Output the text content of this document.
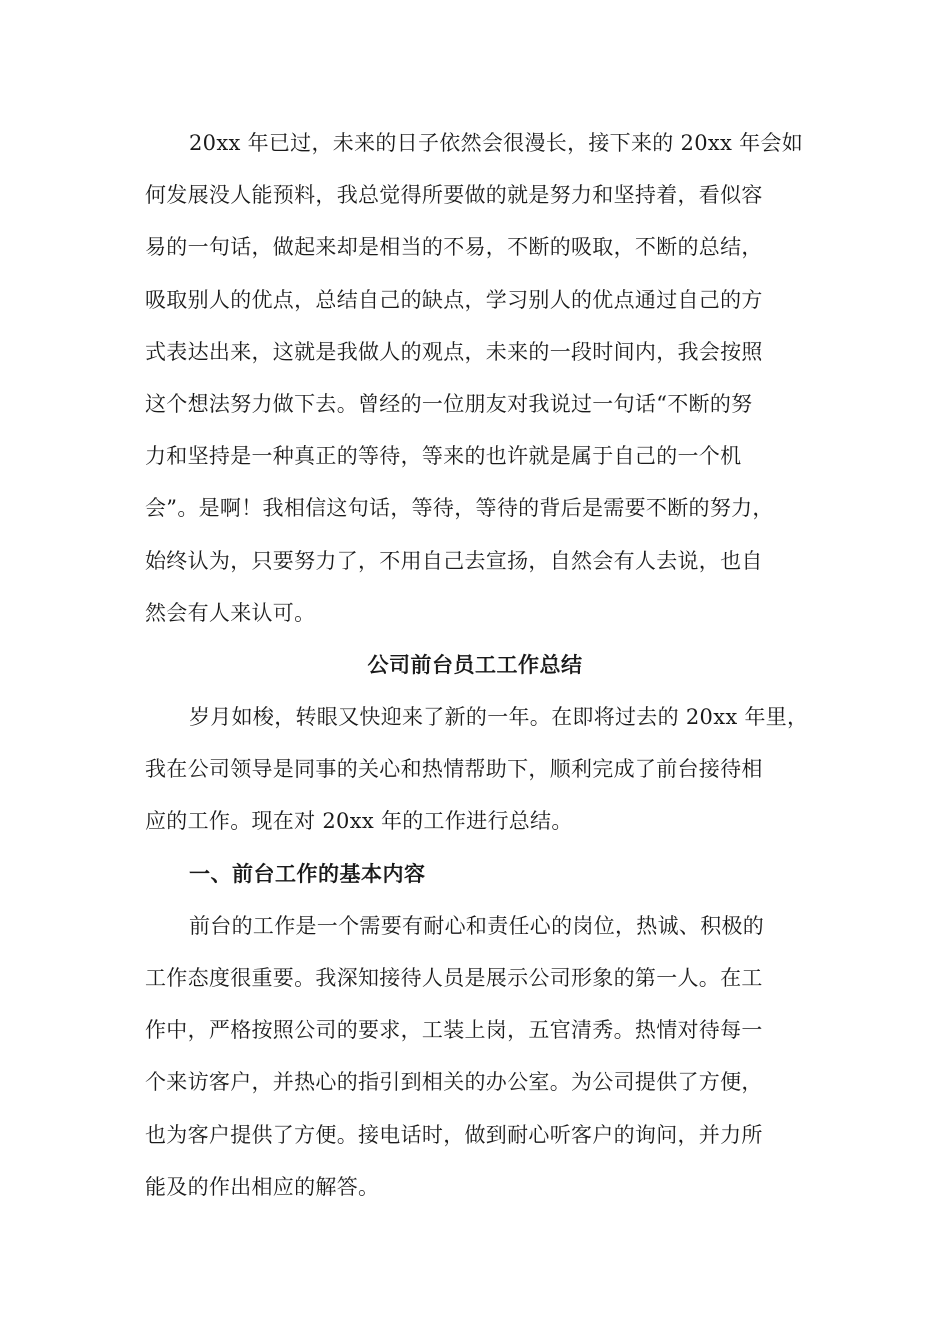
20xx 年已过，未来的日子依然会很漫长，接下来的 20xx 年会如
何发展没人能预料，我总觉得所要做的就是努力和坚持着，看似容
易的一句话，做起来却是相当的不易，不断的吸取，不断的总结，
吸取别人的优点，总结自己的缺点，学习别人的优点通过自己的方
式表达出来，这就是我做人的观点，未来的一段时间内，我会按照
这个想法努力做下去。曾经的一位朋友对我说过一句话“不断的努
力和坚持是一种真正的等待，等来的也许就是属于自己的一个机
会”。是啊！我相信这句话，等待，等待的背后是需要不断的努力，
始终认为，只要努力了，不用自己去宣扬，自然会有人去说，也自
然会有人来认可。
公司前台员工工作总结
岁月如梭，转眼又快迎来了新的一年。在即将过去的 20xx 年里，
我在公司领导是同事的关心和热情帮助下，顺利完成了前台接待相
应的工作。现在对 20xx 年的工作进行总结。
一、前台工作的基本内容
前台的工作是一个需要有耐心和责任心的岗位，热诚、积极的
工作态度很重要。我深知接待人员是展示公司形象的第一人。在工
作中，严格按照公司的要求，工装上岗，五官清秀。热情对待每一
个来访客户，并热心的指引到相关的办公室。为公司提供了方便，
也为客户提供了方便。接电话时，做到耐心听客户的询问，并力所
能及的作出相应的解答。
